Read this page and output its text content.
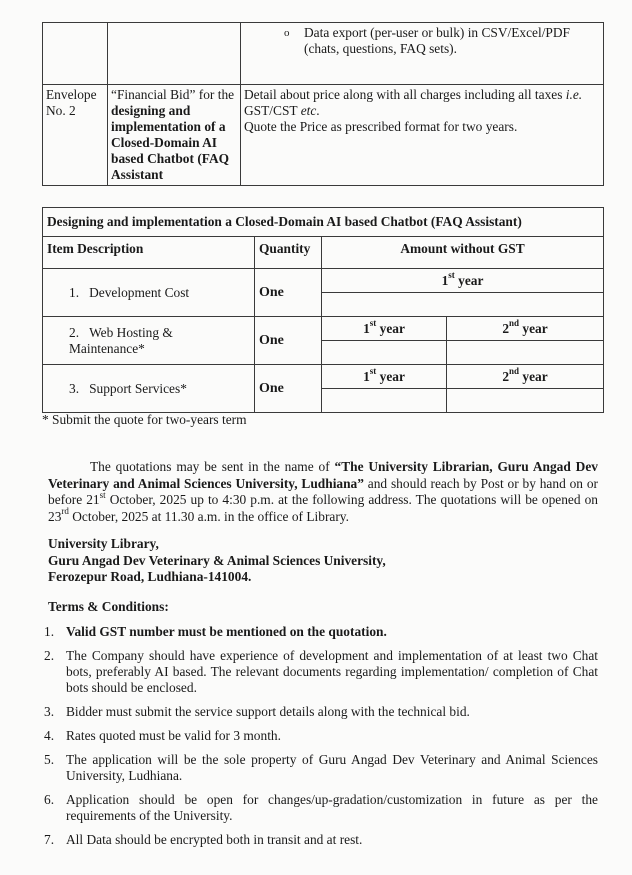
		o Data export (per-user or bulk) in CSV/Excel/PDF (chats, questions, FAQ sets).

Envelope No. 2	“Financial Bid” for the designing and implementation of a Closed-Domain AI based Chatbot (FAQ Assistant	Detail about price along with all charges including all taxes i.e.
GST/CST etc.
Quote the Price as prescribed format for two years.
Designing and implementation a Closed-Domain AI based Chatbot (FAQ Assistant)			
Item Description	Quantity	Amount without GST	
1. Development Cost	One	1st year	

2. Web Hosting & Maintenance*	One	1st year	2nd year

3. Support Services*	One	1st year	2nd year

* Submit the quote for two-years term
The quotations may be sent in the name of “The University Librarian, Guru Angad Dev Veterinary and Animal Sciences University, Ludhiana” and should reach by Post or by hand on or before 21st October, 2025 up to 4:30 p.m. at the following address. The quotations will be opened on 23rd October, 2025 at 11.30 a.m. in the office of Library.
University Library,
Guru Angad Dev Veterinary & Animal Sciences University,
Ferozepur Road, Ludhiana-141004.
Terms & Conditions:
1. Valid GST number must be mentioned on the quotation.
2. The Company should have experience of development and implementation of at least two Chat bots, preferably AI based. The relevant documents regarding implementation/ completion of Chat bots should be enclosed.
3. Bidder must submit the service support details along with the technical bid.
4. Rates quoted must be valid for 3 month.
5. The application will be the sole property of Guru Angad Dev Veterinary and Animal Sciences University, Ludhiana.
6. Application should be open for changes/up-gradation/customization in future as per the requirements of the University.
7. All Data should be encrypted both in transit and at rest.
